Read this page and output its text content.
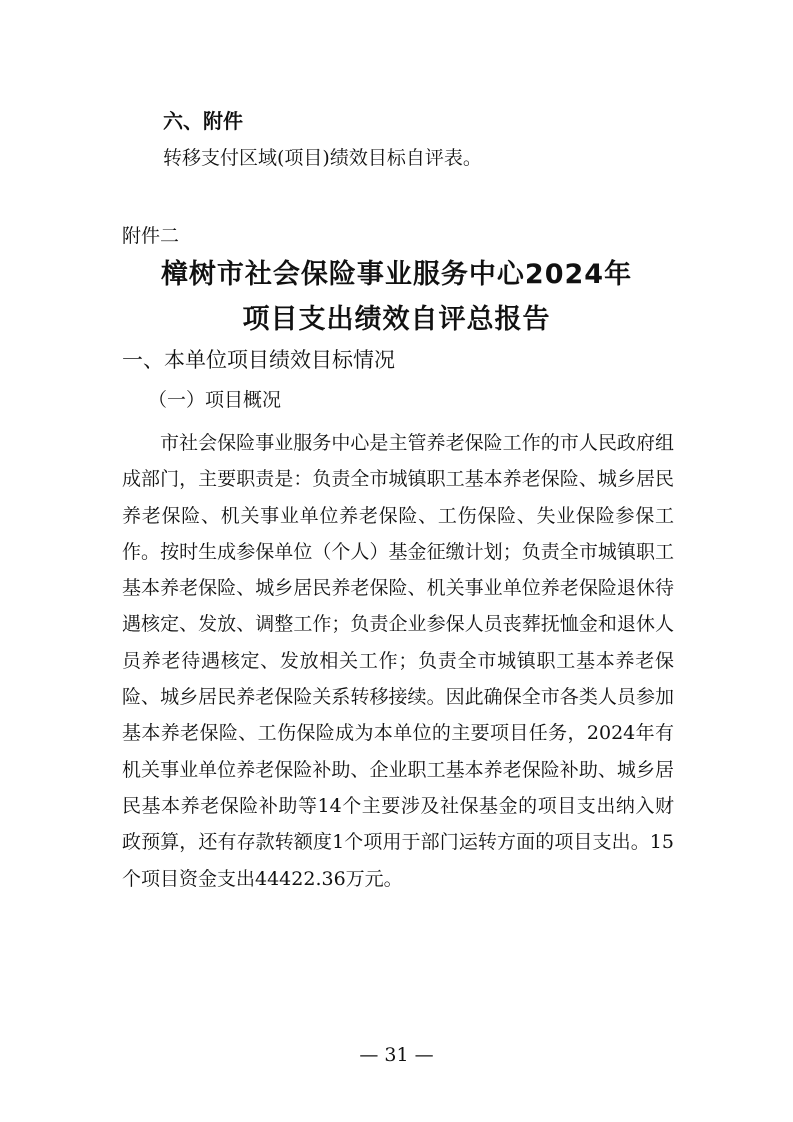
六、附件
转移支付区域(项目)绩效目标自评表。
附件二
樟树市社会保险事业服务中心2024年
项目支出绩效自评总报告
一、本单位项目绩效目标情况
（一）项目概况

市社会保险事业服务中心是主管养老保险工作的市人民政府组成部门，主要职责是：负责全市城镇职工基本养老保险、城乡居民养老保险、机关事业单位养老保险、工伤保险、失业保险参保工作。按时生成参保单位（个人）基金征缴计划；负责全市城镇职工基本养老保险、城乡居民养老保险、机关事业单位养老保险退休待遇核定、发放、调整工作；负责企业参保人员丧葬抚恤金和退休人员养老待遇核定、发放相关工作；负责全市城镇职工基本养老保险、城乡居民养老保险关系转移接续。因此确保全市各类人员参加基本养老保险、工伤保险成为本单位的主要项目任务，2024年有机关事业单位养老保险补助、企业职工基本养老保险补助、城乡居民基本养老保险补助等14个主要涉及社保基金的项目支出纳入财政预算，还有存款转额度1个项用于部门运转方面的项目支出。15个项目资金支出44422.36万元。

— 31 —
